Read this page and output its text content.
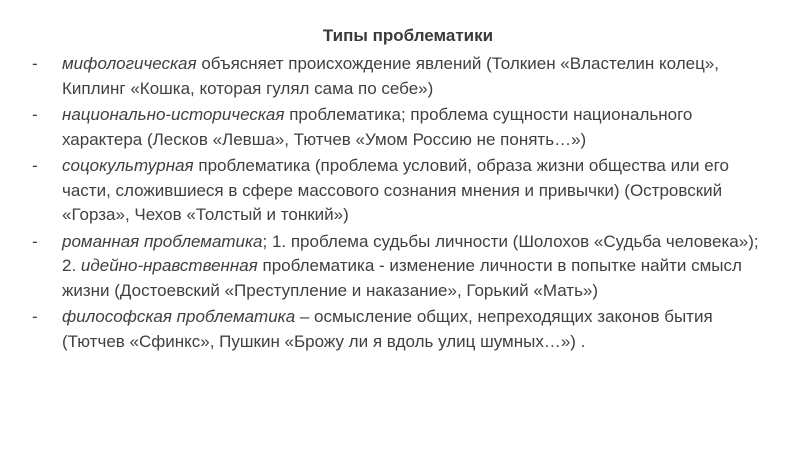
Типы проблематики
- мифологическая объясняет происхождение явлений (Толкиен «Властелин колец», Киплинг «Кошка, которая гулял сама по себе»)
- национально-историческая проблематика; проблема сущности национального характера (Лесков «Левша», Тютчев «Умом Россию не понять…»)
- соцокультурная проблематика (проблема условий, образа жизни общества или его части, сложившиеся в сфере массового сознания мнения и привычки) (Островский «Горза», Чехов «Толстый и тонкий»)
- романная проблематика; 1. проблема судьбы личности (Шолохов «Судьба человека»); 2. идейно-нравственная проблематика - изменение личности в попытке найти смысл жизни (Достоевский «Преступление и наказание», Горький «Мать»)
- философская проблематика – осмысление общих, непреходящих законов бытия (Тютчев «Сфинкс», Пушкин «Брожу ли я вдоль улиц шумных…») .
